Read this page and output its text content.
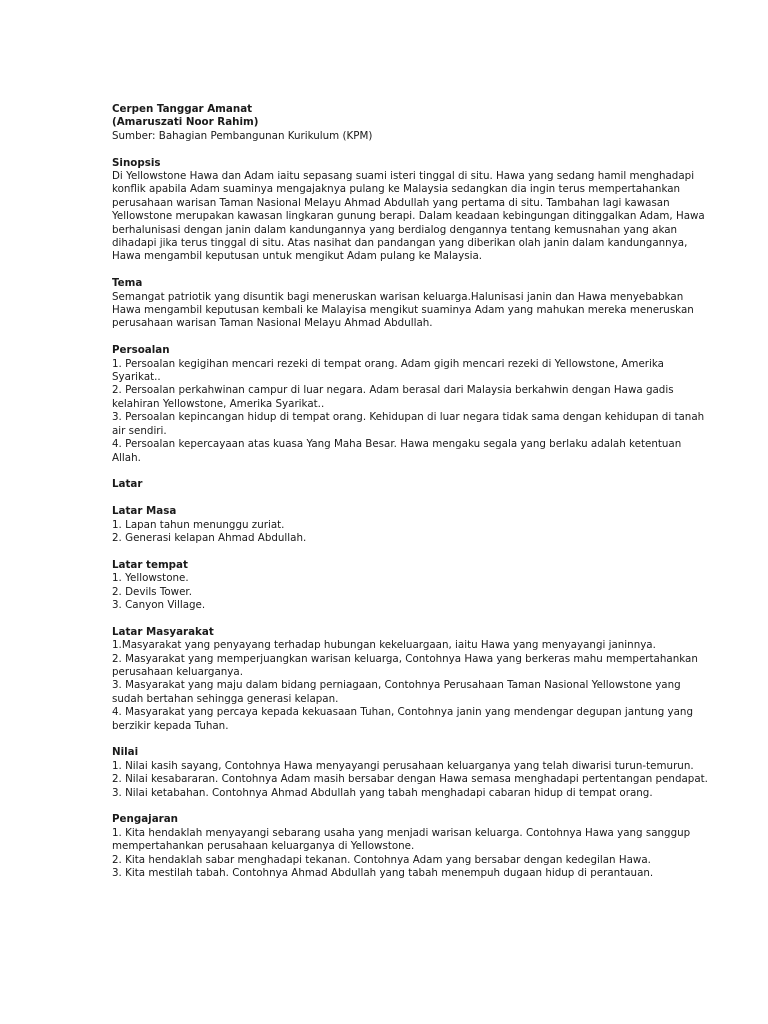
Cerpen Tanggar Amanat
(Amaruszati Noor Rahim)
Sumber: Bahagian Pembangunan Kurikulum (KPM)
Sinopsis
Di Yellowstone Hawa dan Adam iaitu sepasang suami isteri tinggal di situ. Hawa yang sedang hamil menghadapi
konflik apabila Adam suaminya mengajaknya pulang ke Malaysia sedangkan dia ingin terus mempertahankan
perusahaan warisan Taman Nasional Melayu Ahmad Abdullah yang pertama di situ. Tambahan lagi kawasan
Yellowstone merupakan kawasan lingkaran gunung berapi. Dalam keadaan kebingungan ditinggalkan Adam, Hawa
berhalunisasi dengan janin dalam kandungannya yang berdialog dengannya tentang kemusnahan yang akan
dihadapi jika terus tinggal di situ. Atas nasihat dan pandangan yang diberikan olah janin dalam kandungannya,
Hawa mengambil keputusan untuk mengikut Adam pulang ke Malaysia.
Tema
Semangat patriotik yang disuntik bagi meneruskan warisan keluarga.Halunisasi janin dan Hawa menyebabkan
Hawa mengambil keputusan kembali ke Malayisa mengikut suaminya Adam yang mahukan mereka meneruskan
perusahaan warisan Taman Nasional Melayu Ahmad Abdullah.
Persoalan
1. Persoalan kegigihan mencari rezeki di tempat orang. Adam gigih mencari rezeki di Yellowstone, Amerika
Syarikat..
2. Persoalan perkahwinan campur di luar negara. Adam berasal dari Malaysia berkahwin dengan Hawa gadis
kelahiran Yellowstone, Amerika Syarikat..
3. Persoalan kepincangan hidup di tempat orang. Kehidupan di luar negara tidak sama dengan kehidupan di tanah
air sendiri.
4. Persoalan kepercayaan atas kuasa Yang Maha Besar. Hawa mengaku segala yang berlaku adalah ketentuan
Allah.
Latar
Latar Masa
1. Lapan tahun menunggu zuriat.
2. Generasi kelapan Ahmad Abdullah.
Latar tempat
1. Yellowstone.
2. Devils Tower.
3. Canyon Village.
Latar Masyarakat
1.Masyarakat yang penyayang terhadap hubungan kekeluargaan, iaitu Hawa yang menyayangi janinnya.
2. Masyarakat yang memperjuangkan warisan keluarga, Contohnya Hawa yang berkeras mahu mempertahankan
perusahaan keluarganya.
3. Masyarakat yang maju dalam bidang perniagaan, Contohnya Perusahaan Taman Nasional Yellowstone yang
sudah bertahan sehingga generasi kelapan.
4. Masyarakat yang percaya kepada kekuasaan Tuhan, Contohnya janin yang mendengar degupan jantung yang
berzikir kepada Tuhan.
Nilai
1. Nilai kasih sayang, Contohnya Hawa menyayangi perusahaan keluarganya yang telah diwarisi turun-temurun.
2. Nilai kesabararan. Contohnya Adam masih bersabar dengan Hawa semasa menghadapi pertentangan pendapat.
3. Nilai ketabahan. Contohnya Ahmad Abdullah yang tabah menghadapi cabaran hidup di tempat orang.
Pengajaran
1. Kita hendaklah menyayangi sebarang usaha yang menjadi warisan keluarga. Contohnya Hawa yang sanggup
mempertahankan perusahaan keluarganya di Yellowstone.
2. Kita hendaklah sabar menghadapi tekanan. Contohnya Adam yang bersabar dengan kedegilan Hawa.
3. Kita mestilah tabah. Contohnya Ahmad Abdullah yang tabah menempuh dugaan hidup di perantauan.
